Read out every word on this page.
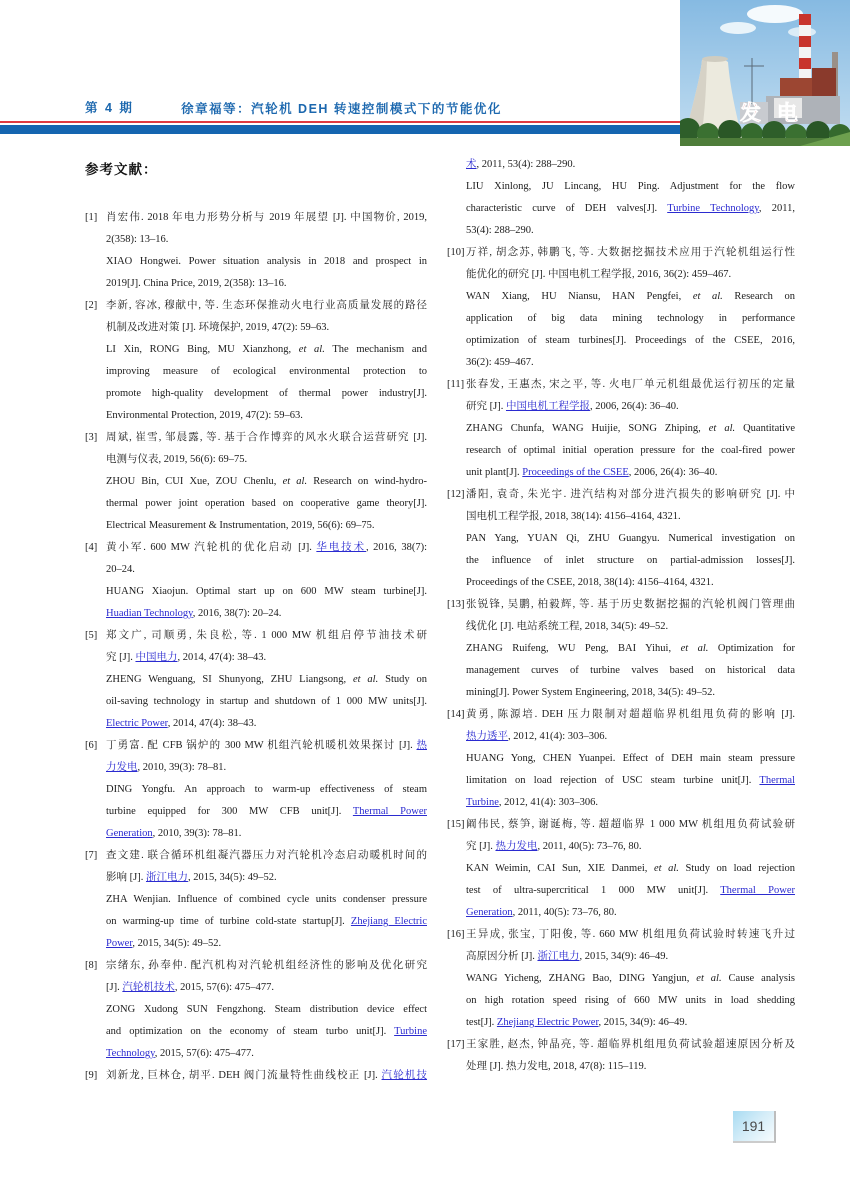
第 4 期	徐章福等：汽轮机 DEH 转速控制模式下的节能优化	发 电
参考文献：
[1] 肖宏伟. 2018 年电力形势分析与 2019 年展望 [J]. 中国物价, 2019,
2(358): 13–16.
XIAO Hongwei. Power situation analysis in 2018 and prospect in
2019[J]. China Price, 2019, 2(358): 13–16.
[2] 李新, 容冰, 穆献中, 等. 生态环保推动火电行业高质量发展的路径
机制及改进对策 [J]. 环境保护, 2019, 47(2): 59–63.
LI Xin, RONG Bing, MU Xianzhong, et al. The mechanism and
improving measure of ecological environmental protection to
promote high-quality development of thermal power industry[J].
Environmental Protection, 2019, 47(2): 59–63.
[3] 周斌, 崔雪, 邹晨露, 等. 基于合作博弈的风水火联合运营研究 [J].
电测与仪表, 2019, 56(6): 69–75.
ZHOU Bin, CUI Xue, ZOU Chenlu, et al. Research on wind-hydro-
thermal power joint operation based on cooperative game theory[J].
Electrical Measurement & Instrumentation, 2019, 56(6): 69–75.
[4] 黄小军. 600 MW 汽轮机的优化启动 [J]. 华电技术, 2016, 38(7):
20–24.
HUANG Xiaojun. Optimal start up on 600 MW steam turbine[J].
Huadian Technology, 2016, 38(7): 20–24.
[5] 郑文广, 司顺勇, 朱良松, 等. 1 000 MW 机组启停节油技术研
究 [J]. 中国电力, 2014, 47(4): 38–43.
ZHENG Wenguang, SI Shunyong, ZHU Liangsong, et al. Study on
oil-saving technology in startup and shutdown of 1 000 MW units[J].
Electric Power, 2014, 47(4): 38–43.
[6] 丁勇富. 配 CFB 锅炉的 300 MW 机组汽轮机暖机效果探讨 [J]. 热
力发电, 2010, 39(3): 78–81.
DING Yongfu. An approach to warm-up effectiveness of steam
turbine equipped for 300 MW CFB unit[J]. Thermal Power
Generation, 2010, 39(3): 78–81.
[7] 查文建. 联合循环机组凝汽器压力对汽轮机冷态启动暖机时间的
影响 [J]. 浙江电力, 2015, 34(5): 49–52.
ZHA Wenjian. Influence of combined cycle units condenser pressure
on warming-up time of turbine cold-state startup[J]. Zhejiang Electric
Power, 2015, 34(5): 49–52.
[8] 宗绪东, 孙奉仲. 配汽机构对汽轮机组经济性的影响及优化研究
[J]. 汽轮机技术, 2015, 57(6): 475–477.
ZONG Xudong SUN Fengzhong. Steam distribution device effect
and optimization on the economy of steam turbo unit[J]. Turbine
Technology, 2015, 57(6): 475–477.
[9] 刘新龙, 巨林仓, 胡平. DEH 阀门流量特性曲线校正 [J]. 汽轮机技
术, 2011, 53(4): 288–290.
LIU Xinlong, JU Lincang, HU Ping. Adjustment for the flow
characteristic curve of DEH valves[J]. Turbine Technology, 2011,
53(4): 288–290.
[10] 万祥, 胡念苏, 韩鹏飞, 等. 大数据挖掘技术应用于汽轮机组运行性
能优化的研究 [J]. 中国电机工程学报, 2016, 36(2): 459–467.
WAN Xiang, HU Niansu, HAN Pengfei, et al. Research on
application of big data mining technology in performance
optimization of steam turbines[J]. Proceedings of the CSEE, 2016,
36(2): 459–467.
[11] 张春发, 王惠杰, 宋之平, 等. 火电厂单元机组最优运行初压的定量
研究 [J]. 中国电机工程学报, 2006, 26(4): 36–40.
ZHANG Chunfa, WANG Huijie, SONG Zhiping, et al. Quantitative
research of optimal initial operation pressure for the coal-fired power
unit plant[J]. Proceedings of the CSEE, 2006, 26(4): 36–40.
[12] 潘阳, 袁奇, 朱光宇. 进汽结构对部分进汽损失的影响研究 [J]. 中
国电机工程学报, 2018, 38(14): 4156–4164, 4321.
PAN Yang, YUAN Qi, ZHU Guangyu. Numerical investigation on
the influence of inlet structure on partial-admission losses[J].
Proceedings of the CSEE, 2018, 38(14): 4156–4164, 4321.
[13] 张锐锋, 吴鹏, 柏毅辉, 等. 基于历史数据挖掘的汽轮机阀门管理曲
线优化 [J]. 电站系统工程, 2018, 34(5): 49–52.
ZHANG Ruifeng, WU Peng, BAI Yihui, et al. Optimization for
management curves of turbine valves based on historical data
mining[J]. Power System Engineering, 2018, 34(5): 49–52.
[14] 黄勇, 陈源培. DEH 压力限制对超超临界机组甩负荷的影响 [J].
热力透平, 2012, 41(4): 303–306.
HUANG Yong, CHEN Yuanpei. Effect of DEH main steam pressure
limitation on load rejection of USC steam turbine unit[J]. Thermal
Turbine, 2012, 41(4): 303–306.
[15] 阚伟民, 蔡笋, 谢诞梅, 等. 超超临界 1 000 MW 机组甩负荷试验研
究 [J]. 热力发电, 2011, 40(5): 73–76, 80.
KAN Weimin, CAI Sun, XIE Danmei, et al. Study on load rejection
test of ultra-supercritical 1 000 MW unit[J]. Thermal Power
Generation, 2011, 40(5): 73–76, 80.
[16] 王异成, 张宝, 丁阳俊, 等. 660 MW 机组甩负荷试验时转速飞升过
高原因分析 [J]. 浙江电力, 2015, 34(9): 46–49.
WANG Yicheng, ZHANG Bao, DING Yangjun, et al. Cause analysis
on high rotation speed rising of 660 MW units in load shedding
test[J]. Zhejiang Electric Power, 2015, 34(9): 46–49.
[17] 王家胜, 赵杰, 钟晶亮, 等. 超临界机组甩负荷试验超速原因分析及
处理 [J]. 热力发电, 2018, 47(8): 115–119.
191
